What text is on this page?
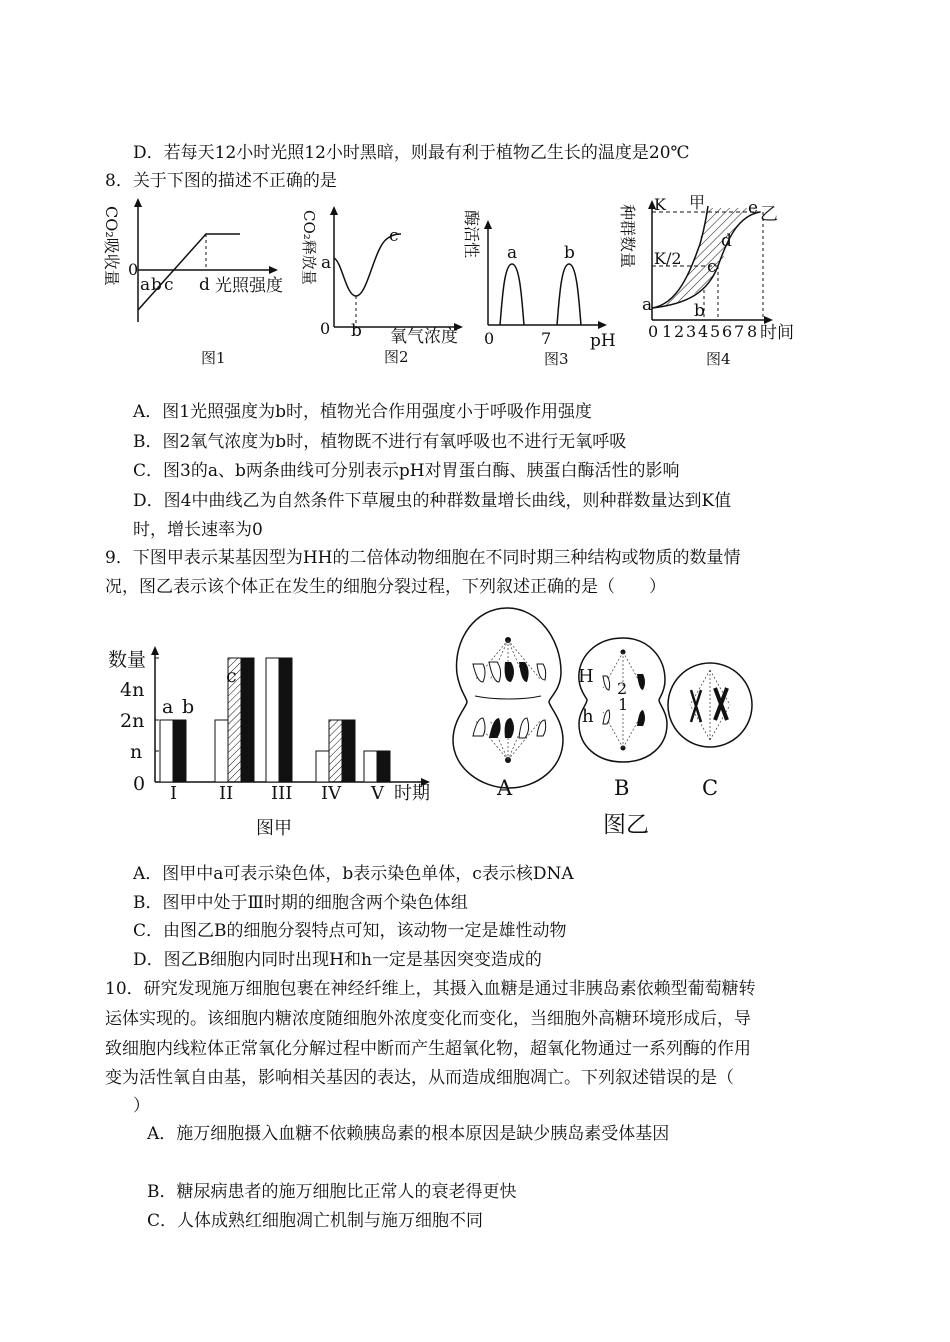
D．若每天12小时光照12小时黑暗，则最有利于植物乙生长的温度是20℃
8．关于下图的描述不正确的是
CO₂吸收量 0
a b c d 光照强度
图1
CO₂释放量 a
0 b
c
氧气浓度
图2
酶活性 a	b
0	7 pH
图3
种群数量 K
K/2
甲	e 乙
d
c
b
a
0 1 2 3 4 5 6 7 8 时间
图4
A．图1光照强度为b时，植物光合作用强度小于呼吸作用强度
B．图2氧气浓度为b时，植物既不进行有氧呼吸也不进行无氧呼吸
C．图3的a、b两条曲线可分别表示pH对胃蛋白酶、胰蛋白酶活性的影响
D．图4中曲线乙为自然条件下草履虫的种群数量增长曲线，则种群数量达到K值
时，增长速率为0
9．下图甲表示某基因型为HH的二倍体动物细胞在不同时期三种结构或物质的数量情
况，图乙表示该个体正在发生的细胞分裂过程，下列叙述正确的是（　　）
数量
4n
2n
n
0
a b
c
I II III IV V 时期
图甲
H
2
1
h
A	B	C
图乙
A．图甲中a可表示染色体，b表示染色单体，c表示核DNA
B．图甲中处于Ⅲ时期的细胞含两个染色体组
C．由图乙B的细胞分裂特点可知，该动物一定是雄性动物
D．图乙B细胞内同时出现H和h一定是基因突变造成的
10．研究发现施万细胞包裹在神经纤维上，其摄入血糖是通过非胰岛素依赖型葡萄糖转
运体实现的。该细胞内糖浓度随细胞外浓度变化而变化，当细胞外高糖环境形成后，导
致细胞内线粒体正常氧化分解过程中断而产生超氧化物，超氧化物通过一系列酶的作用
变为活性氧自由基，影响相关基因的表达，从而造成细胞凋亡。下列叙述错误的是（
）
A．施万细胞摄入血糖不依赖胰岛素的根本原因是缺少胰岛素受体基因
B．糖尿病患者的施万细胞比正常人的衰老得更快
C．人体成熟红细胞凋亡机制与施万细胞不同
